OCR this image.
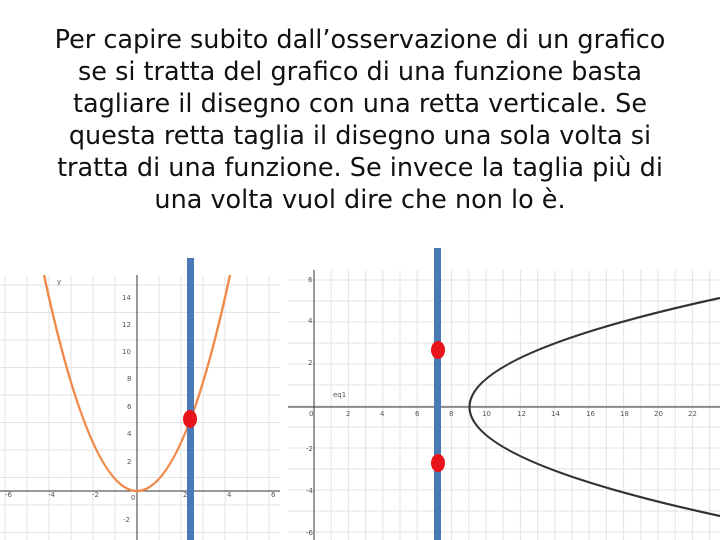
Per capire subito dall’osservazione di un grafico
se si tratta del grafico di una funzione basta
tagliare il disegno con una retta verticale. Se
questa retta taglia il disegno una sola volta si
tratta di una funzione. Se invece la taglia più di
una volta vuol dire che non lo è.

y
-6	-4	-2	0	2	4	6
14
12
10
8
6
4
2
-2
eq1
0	2	4	6	8	10	12	14	16	18	20	22
6
4
2
-2
-4
-6
